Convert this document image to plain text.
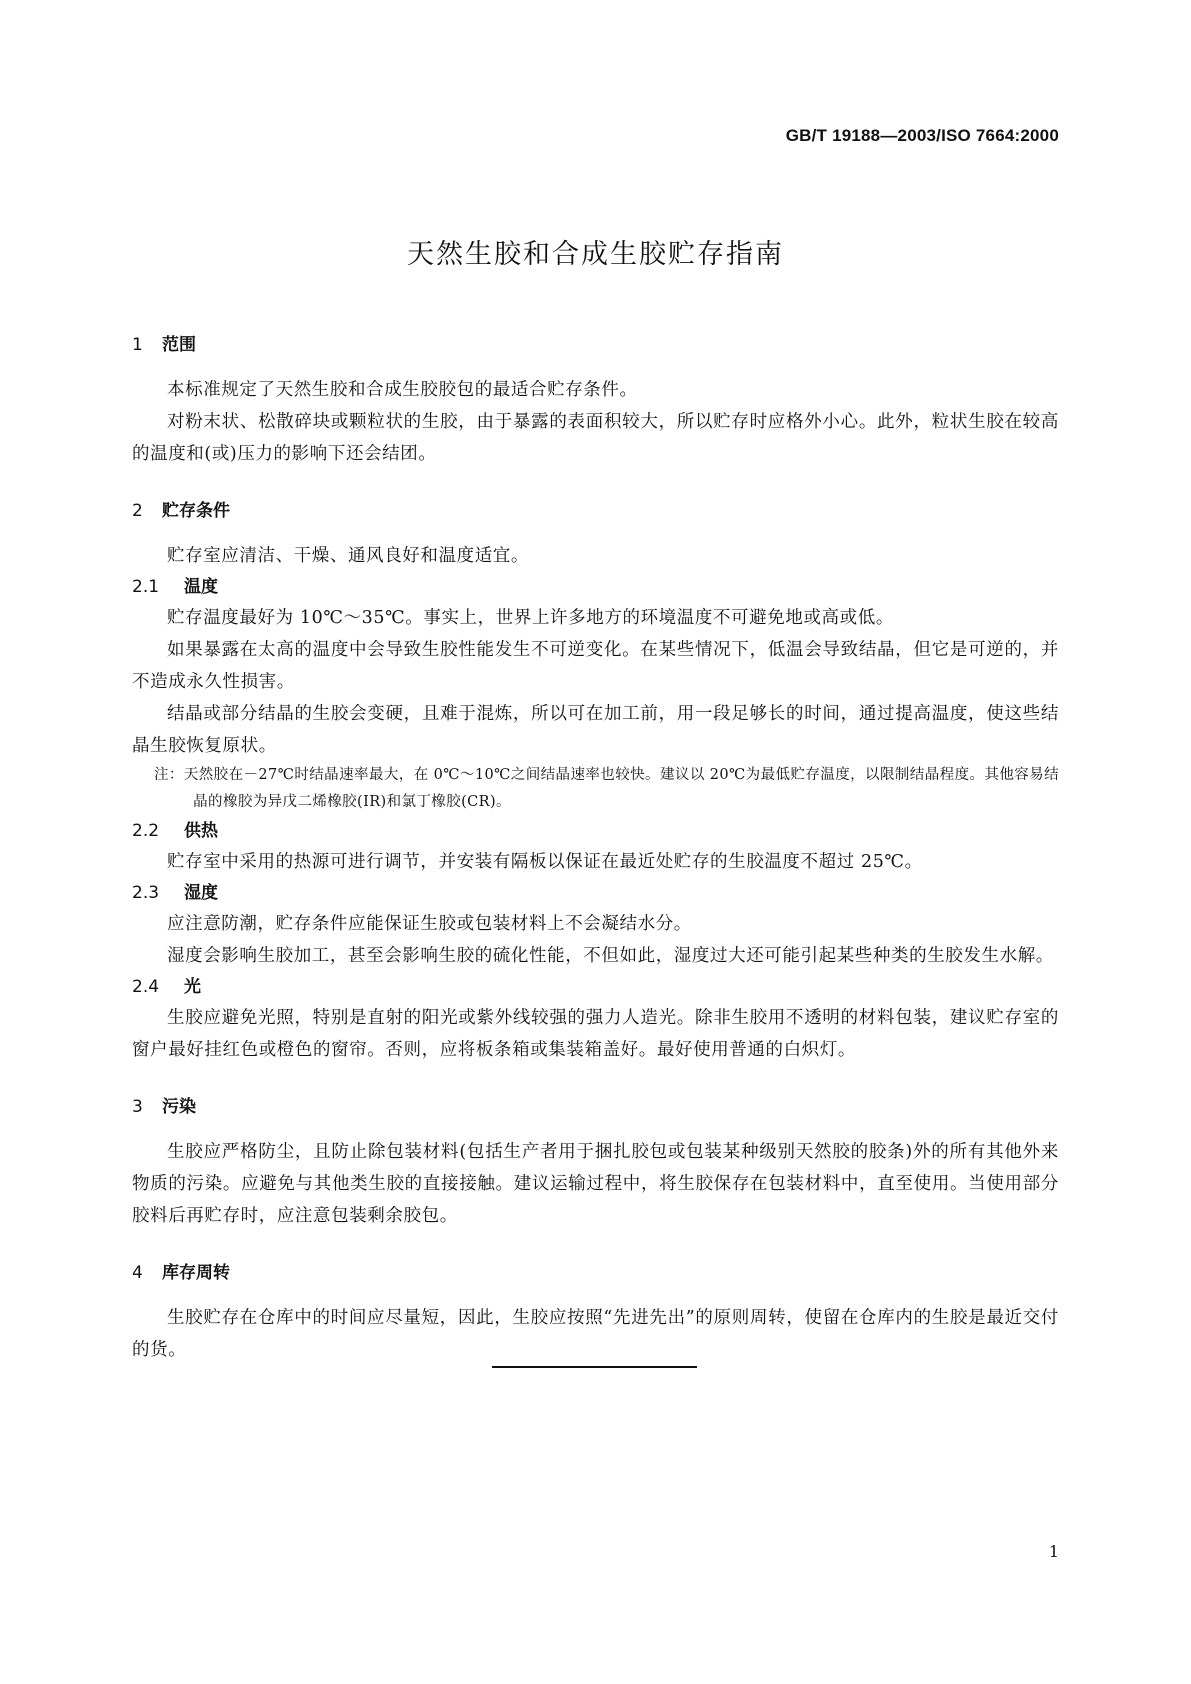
GB/T 19188—2003/ISO 7664:2000
天然生胶和合成生胶贮存指南
1 范围

本标准规定了天然生胶和合成生胶胶包的最适合贮存条件。

对粉末状、松散碎块或颗粒状的生胶，由于暴露的表面积较大，所以贮存时应格外小心。此外，粒状生胶在较高的温度和(或)压力的影响下还会结团。

2 贮存条件

贮存室应清洁、干燥、通风良好和温度适宜。

2.1 温度

贮存温度最好为 10℃～35℃。事实上，世界上许多地方的环境温度不可避免地或高或低。

如果暴露在太高的温度中会导致生胶性能发生不可逆变化。在某些情况下，低温会导致结晶，但它是可逆的，并不造成永久性损害。

结晶或部分结晶的生胶会变硬，且难于混炼，所以可在加工前，用一段足够长的时间，通过提高温度，使这些结晶生胶恢复原状。

注：天然胶在－27℃时结晶速率最大，在 0℃～10℃之间结晶速率也较快。建议以 20℃为最低贮存温度，以限制结晶程度。其他容易结晶的橡胶为异戊二烯橡胶(IR)和氯丁橡胶(CR)。

2.2 供热

贮存室中采用的热源可进行调节，并安装有隔板以保证在最近处贮存的生胶温度不超过 25℃。

2.3 湿度

应注意防潮，贮存条件应能保证生胶或包装材料上不会凝结水分。

湿度会影响生胶加工，甚至会影响生胶的硫化性能，不但如此，湿度过大还可能引起某些种类的生胶发生水解。

2.4 光

生胶应避免光照，特别是直射的阳光或紫外线较强的强力人造光。除非生胶用不透明的材料包装，建议贮存室的窗户最好挂红色或橙色的窗帘。否则，应将板条箱或集装箱盖好。最好使用普通的白炽灯。

3 污染

生胶应严格防尘，且防止除包装材料(包括生产者用于捆扎胶包或包装某种级别天然胶的胶条)外的所有其他外来物质的污染。应避免与其他类生胶的直接接触。建议运输过程中，将生胶保存在包装材料中，直至使用。当使用部分胶料后再贮存时，应注意包装剩余胶包。

4 库存周转

生胶贮存在仓库中的时间应尽量短，因此，生胶应按照“先进先出”的原则周转，使留在仓库内的生胶是最近交付的货。

1
